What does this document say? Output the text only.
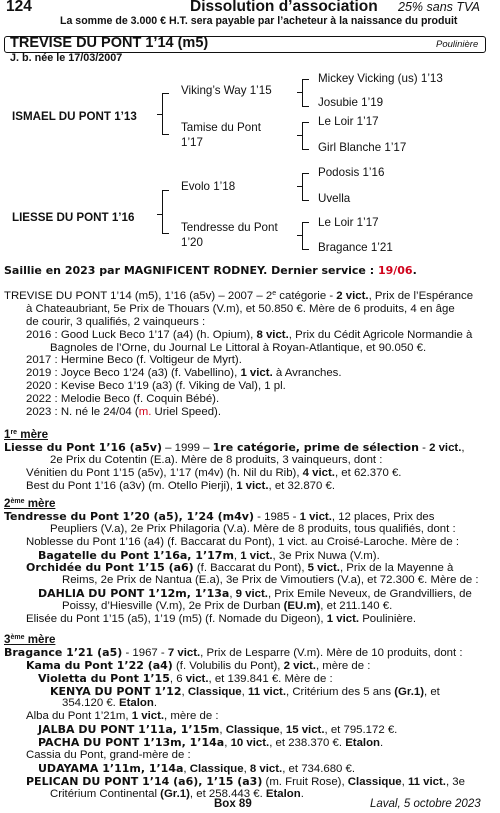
124	Dissolution d’association 25% sans TVA
La somme de 3.000 € H.T. sera payable par l’acheteur à la naissance du produit
TREVISE DU PONT 1’14 (m5)	Poulinière
J. b. née le 17/03/2007
ISMAEL DU PONT 1’13
LIESSE DU PONT 1’16
Viking’s Way 1’15
Tamise du Pont
1’17
Evolo 1’18
Tendresse du Pont
1’20
Mickey Vicking (us) 1’13
Josubie 1’19
Le Loir 1’17
Girl Blanche 1’17
Podosis 1’16
Uvella
Le Loir 1’17
Bragance 1’21
Saillie en 2023 par MAGNIFICENT RODNEY. Dernier service : 19/06.
TREVISE DU PONT 1’14 (m5), 1’16 (a5v) – 2007 – 2e catégorie - 2 vict., Prix de l’Espérance
à Chateaubriant, 5e Prix de Thouars (V.m), et 50.850 €. Mère de 6 produits, 4 en âge
de courir, 3 qualifiés, 2 vainqueurs :
2016 : Good Luck Beco 1’17 (a4) (h. Opium), 8 vict., Prix du Cédit Agricole Normandie à
Bagnoles de l’Orne, du Journal Le Littoral à Royan-Atlantique, et 90.050 €.
2017 : Hermine Beco (f. Voltigeur de Myrt).
2019 : Joyce Beco 1’24 (a3) (f. Vabellino), 1 vict. à Avranches.
2020 : Kevise Beco 1’19 (a3) (f. Viking de Val), 1 pl.
2022 : Melodie Beco (f. Coquin Bébé).
2023 : N. né le 24/04 (m. Uriel Speed).
1re mère
Liesse du Pont 1’16 (a5v) – 1999 – 1re catégorie, prime de sélection - 2 vict.,
2e Prix du Cotentin (E.a). Mère de 8 produits, 3 vainqueurs, dont :
Vénitien du Pont 1’15 (a5v), 1’17 (m4v) (h. Nil du Rib), 4 vict., et 62.370 €.
Best du Pont 1’16 (a3v) (m. Otello Pierji), 1 vict., et 32.870 €.
2ème mère
Tendresse du Pont 1’20 (a5), 1’24 (m4v) - 1985 - 1 vict., 12 places, Prix des
Peupliers (V.a), 2e Prix Philagoria (V.a). Mère de 8 produits, tous qualifiés, dont :
Noblesse du Pont 1’16 (a4) (f. Baccarat du Pont), 1 vict. au Croisé-Laroche. Mère de :
Bagatelle du Pont 1’16a, 1’17m, 1 vict., 3e Prix Nuwa (V.m).
Orchidée du Pont 1’15 (a6) (f. Baccarat du Pont), 5 vict., Prix de la Mayenne à
Reims, 2e Prix de Nantua (E.a), 3e Prix de Vimoutiers (V.a), et 72.300 €. Mère de :
DAHLIA DU PONT 1’12m, 1’13a, 9 vict., Prix Emile Neveux, de Grandvilliers, de
Poissy, d’Hiesville (V.m), 2e Prix de Durban (EU.m), et 211.140 €.
Elisée du Pont 1’15 (a5), 1’19 (m5) (f. Nomade du Digeon), 1 vict. Poulinière.
3ème mère
Bragance 1’21 (a5) - 1967 - 7 vict., Prix de Lesparre (V.m). Mère de 10 produits, dont :
Kama du Pont 1’22 (a4) (f. Volubilis du Pont), 2 vict., mère de :
Violetta du Pont 1’15, 6 vict., et 139.841 €. Mère de :
KENYA DU PONT 1’12, Classique, 11 vict., Critérium des 5 ans (Gr.1), et
354.120 €. Etalon.
Alba du Pont 1’21m, 1 vict., mère de :
JALBA DU PONT 1’11a, 1’15m, Classique, 15 vict., et 795.172 €.
PACHA DU PONT 1’13m, 1’14a, 10 vict., et 238.370 €. Etalon.
Cassia du Pont, grand-mère de :
UDAYAMA 1’11m, 1’14a, Classique, 8 vict., et 734.680 €.
PELICAN DU PONT 1’14 (a6), 1’15 (a3) (m. Fruit Rose), Classique, 11 vict., 3e
Critérium Continental (Gr.1), et 258.443 €. Etalon.
Box 89	Laval, 5 octobre 2023
